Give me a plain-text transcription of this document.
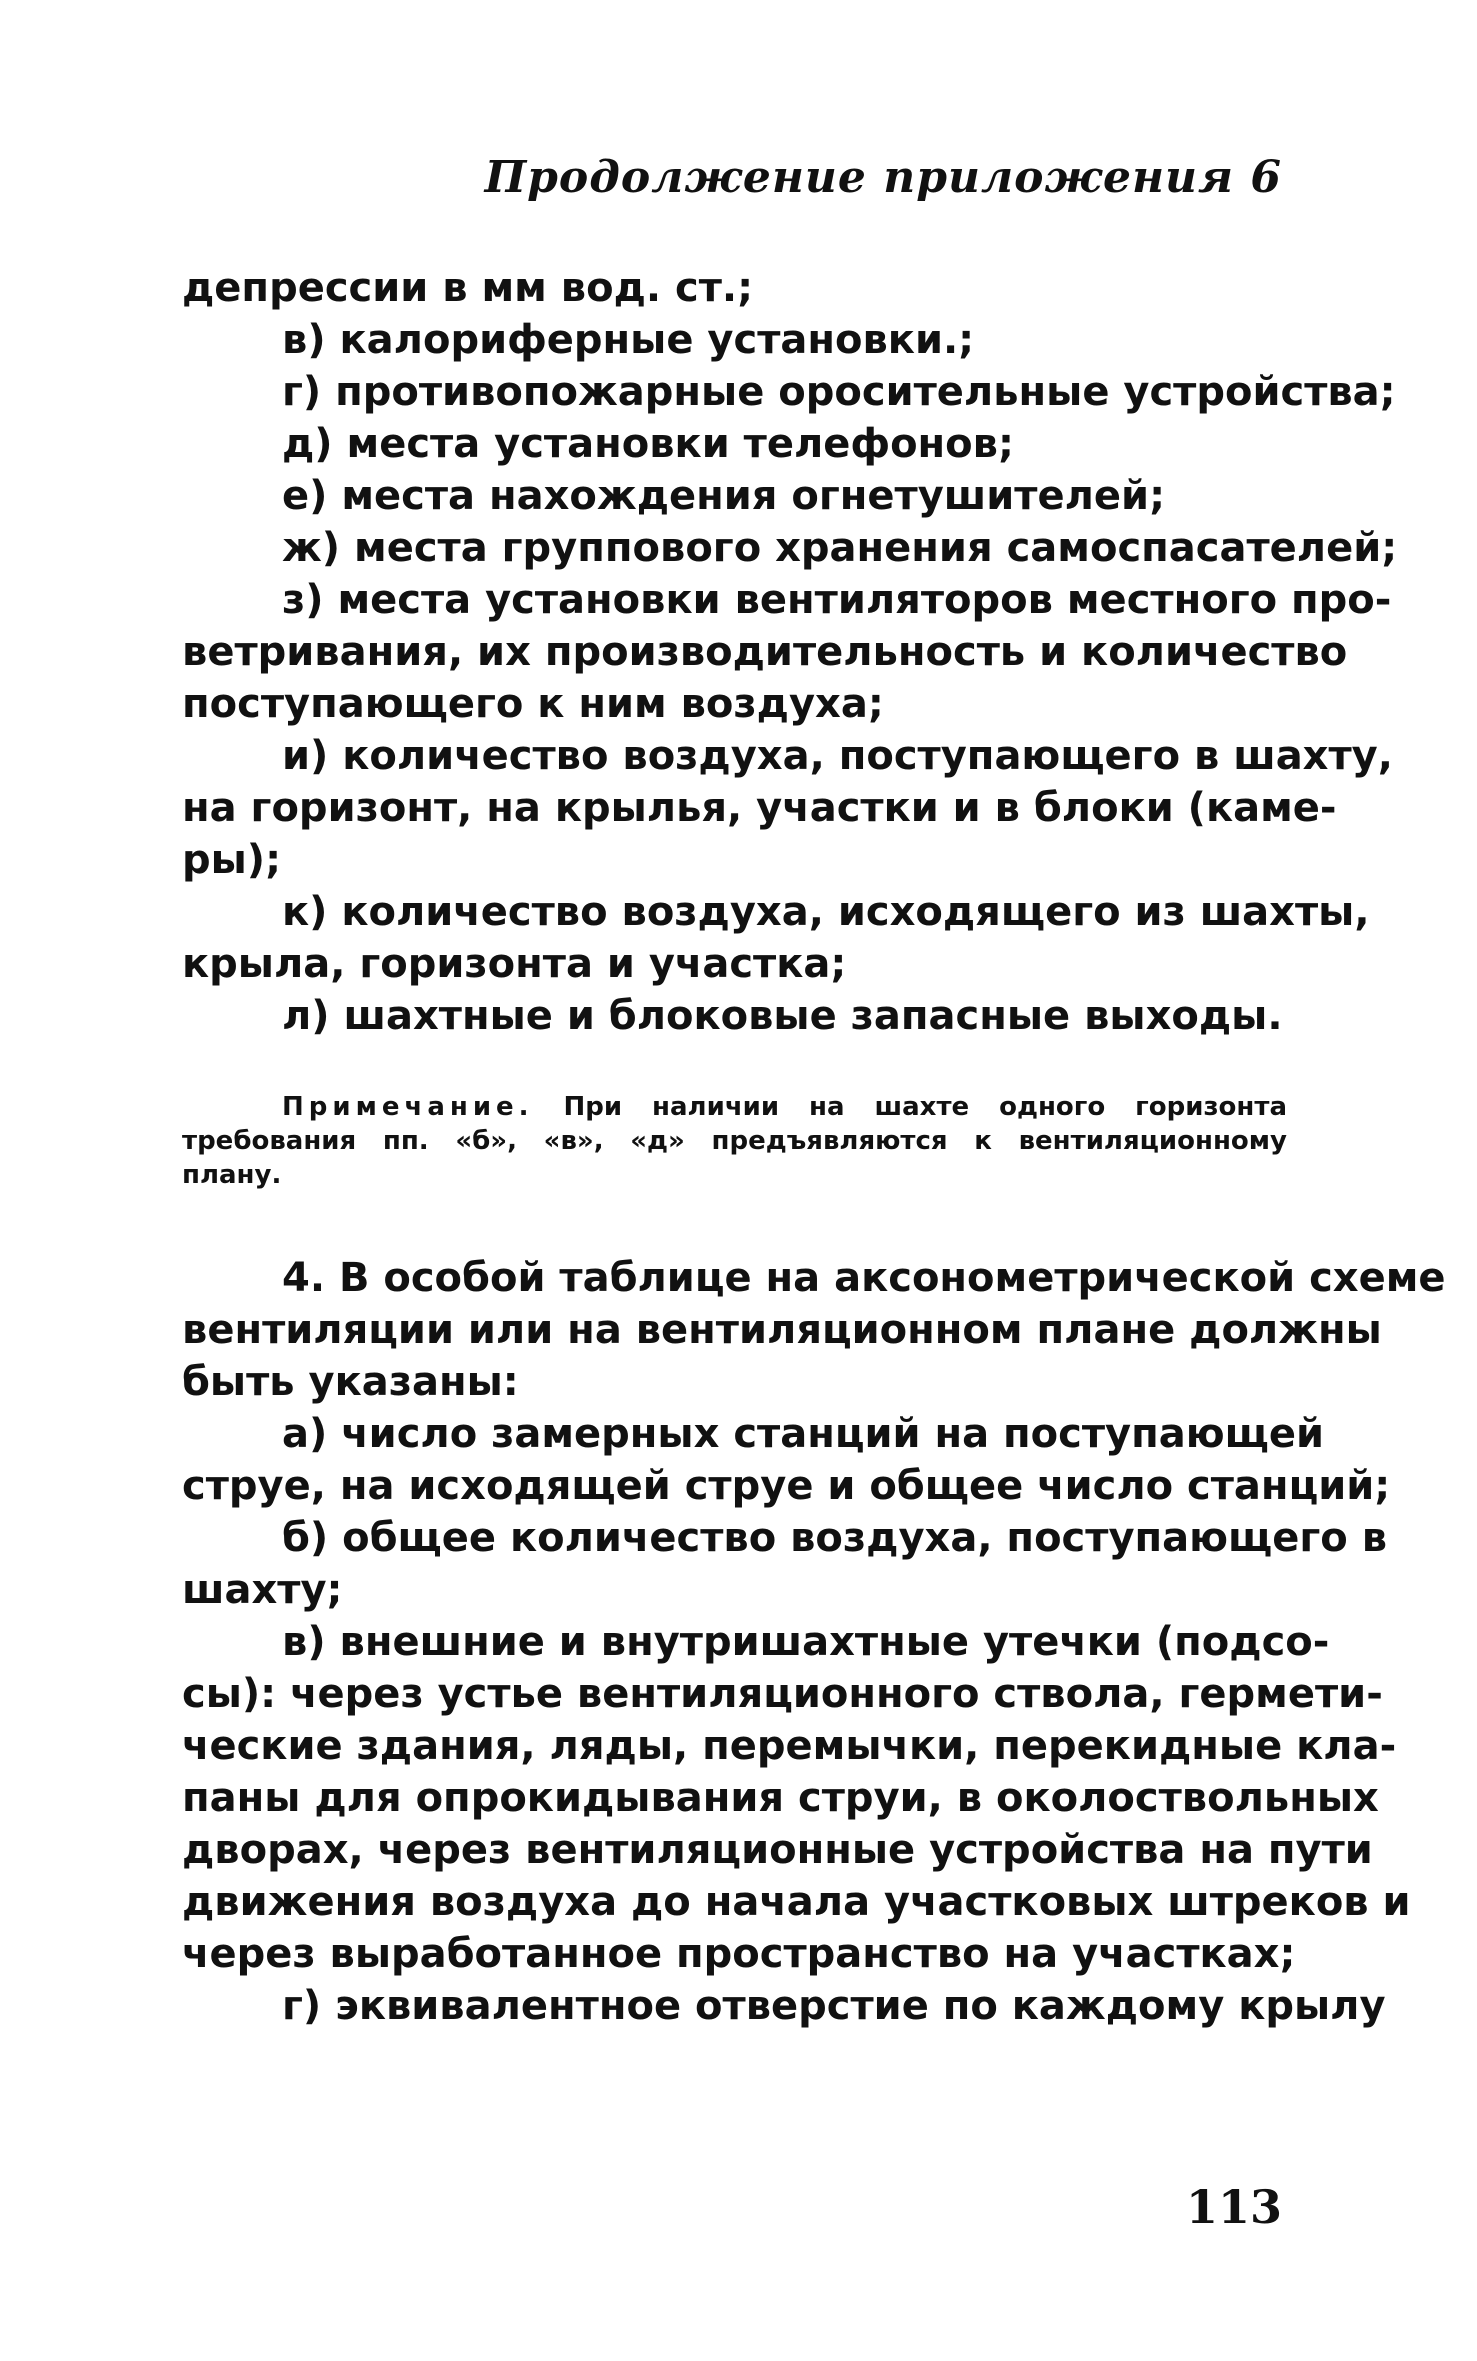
Продолжение приложения 6
депрессии в мм вод. ст.;
в) калориферные установки.;
г) противопожарные оросительные устройства;
д) места установки телефонов;
е) места нахождения огнетушителей;
ж) места группового хранения самоспасателей;
з) места установки вентиляторов местного про-
ветривания, их производительность и количество
поступающего к ним воздуха;
и) количество воздуха, поступающего в шахту,
на горизонт, на крылья, участки и в блоки (каме-
ры);
к) количество воздуха, исходящего из шахты,
крыла, горизонта и участка;
л) шахтные и блоковые запасные выходы.
Примечание. При наличии на шахте одного горизонта
требования пп. «б», «в», «д» предъявляются к вентиляционному
плану.
4. В особой таблице на аксонометрической схеме
вентиляции или на вентиляционном плане должны
быть указаны:
а) число замерных станций на поступающей
струе, на исходящей струе и общее число станций;
б) общее количество воздуха, поступающего в
шахту;
в) внешние и внутришахтные утечки (подсо-
сы): через устье вентиляционного ствола, гермети-
ческие здания, ляды, перемычки, перекидные кла-
паны для опрокидывания струи, в околоствольных
дворах, через вентиляционные устройства на пути
движения воздуха до начала участковых штреков и
через выработанное пространство на участках;
г) эквивалентное отверстие по каждому крылу
113
